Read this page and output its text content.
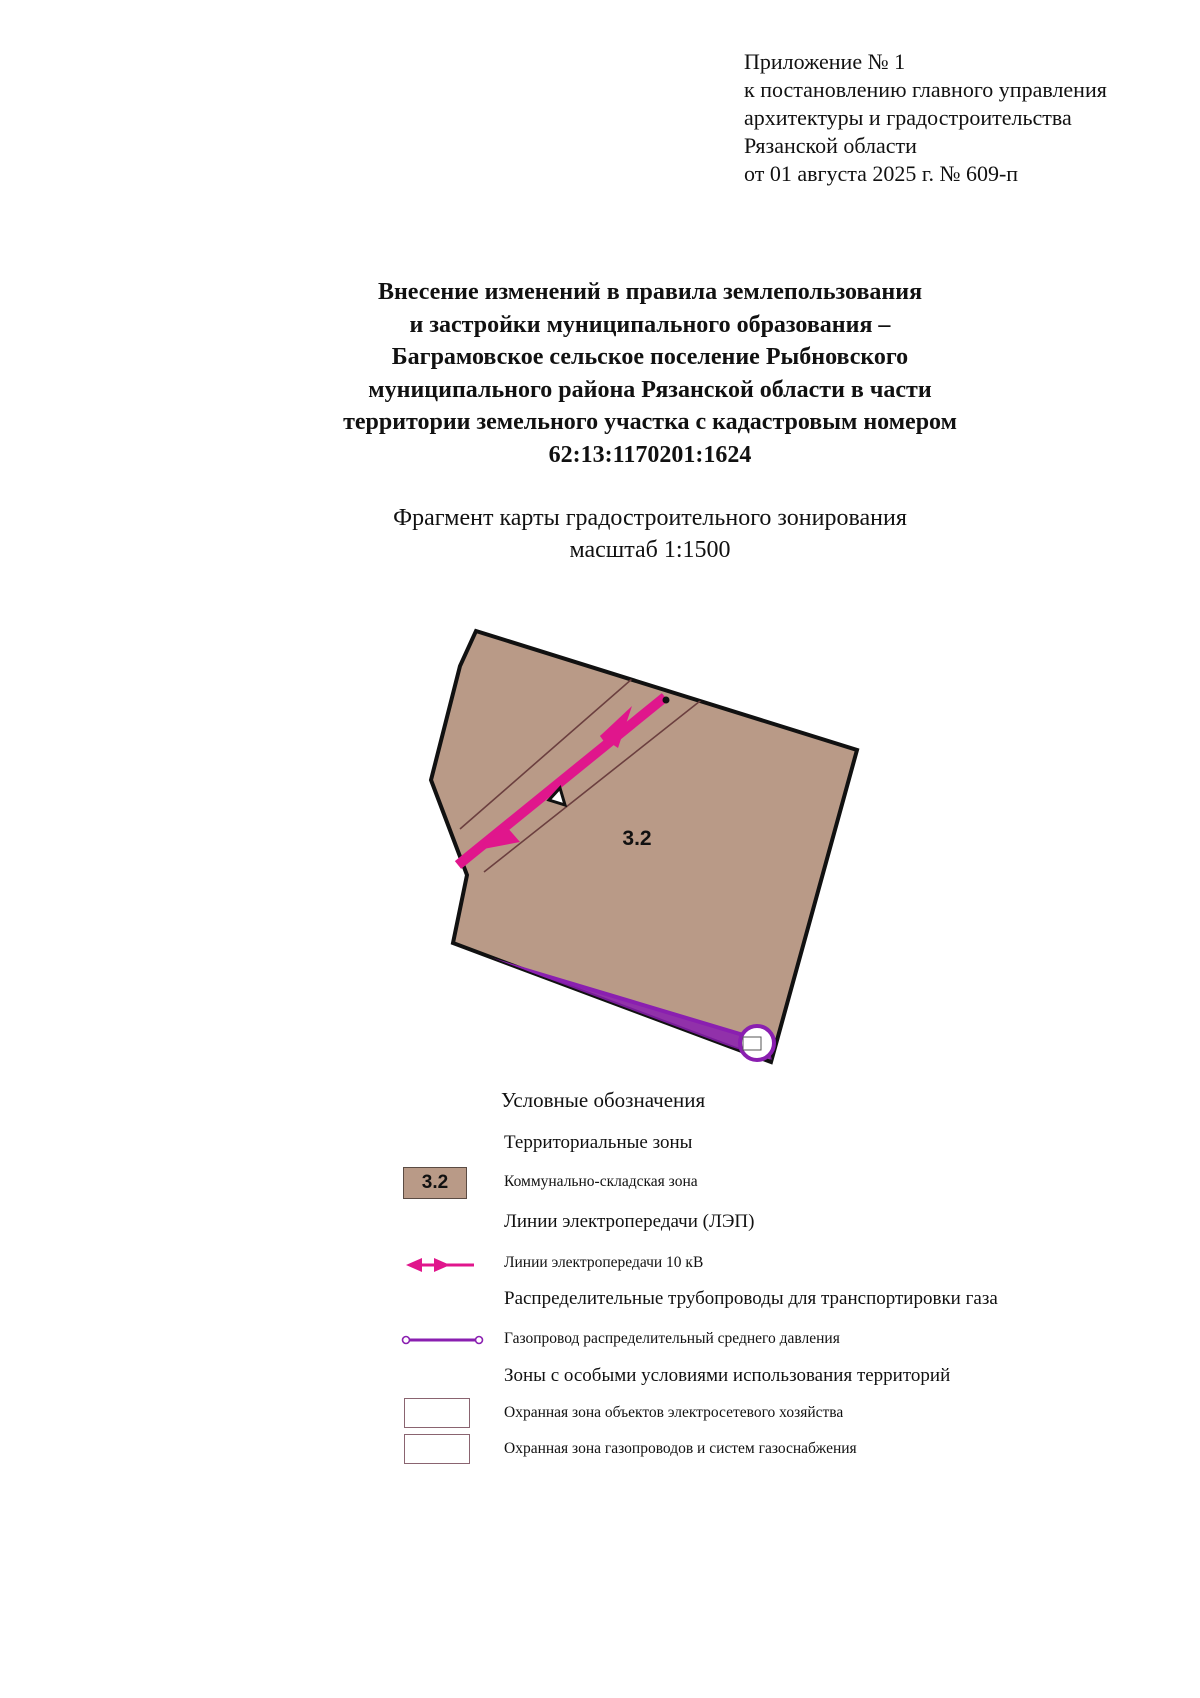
Приложение № 1
к постановлению главного управления
архитектуры и градостроительства
Рязанской области
от 01 августа 2025 г. № 609-п
Внесение изменений в правила землепользования
и застройки муниципального образования –
Баграмовское сельское поселение Рыбновского
муниципального района Рязанской области в части
территории земельного участка с кадастровым номером
62:13:1170201:1624
Фрагмент карты градостроительного зонирования
масштаб 1:1500
3.2
Условные обозначения
Территориальные зоны
3.2	Коммунально-складская зона
Линии электропередачи (ЛЭП)
Линии электропередачи 10 кВ
Распределительные трубопроводы для транспортировки газа
Газопровод распределительный среднего давления
Зоны с особыми условиями использования территорий
Охранная зона объектов электросетевого хозяйства
Охранная зона газопроводов и систем газоснабжения
